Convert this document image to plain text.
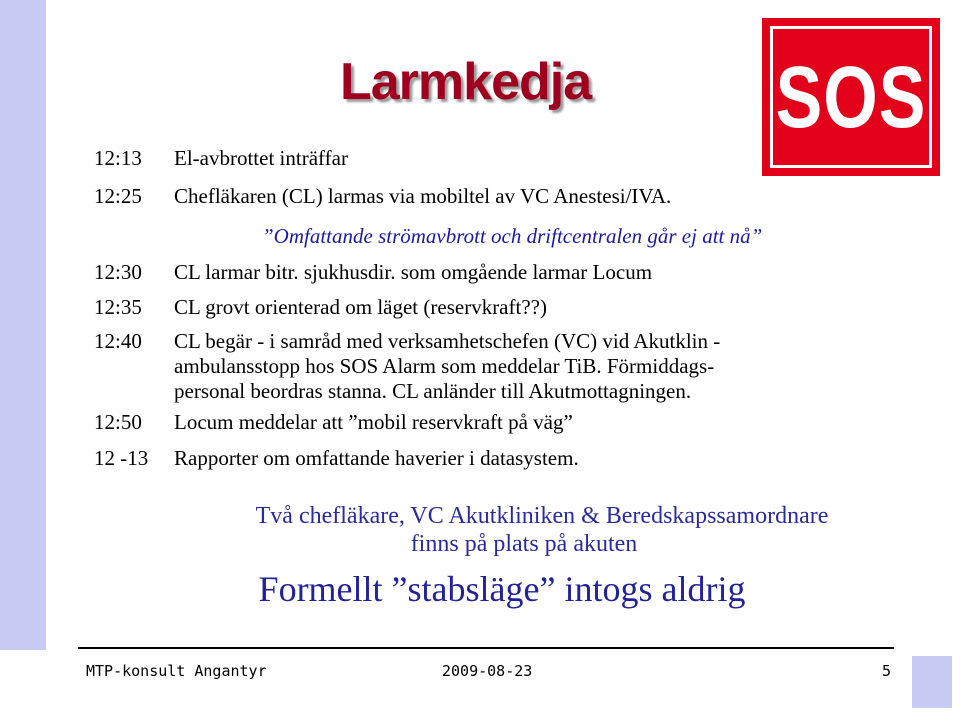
Larmkedja	SOS
12:13	El-avbrottet inträffar
12:25	Chefläkaren (CL) larmas via mobiltel av VC Anestesi/IVA.
”Omfattande strömavbrott och driftcentralen går ej att nå”
12:30	CL larmar bitr. sjukhusdir. som omgående larmar Locum
12:35	CL grovt orienterad om läget (reservkraft??)
12:40	CL begär - i samråd med verksamhetschefen (VC) vid Akutklin -
ambulansstopp hos SOS Alarm som meddelar TiB. Förmiddags-
personal beordras stanna. CL anländer till Akutmottagningen.
12:50	Locum meddelar att ”mobil reservkraft på väg”
12 -13	Rapporter om omfattande haverier i datasystem.
Två chefläkare, VC Akutkliniken & Beredskapssamordnare
finns på plats på akuten
Formellt ”stabsläge” intogs aldrig
MTP-konsult Angantyr	2009-08-23	5
